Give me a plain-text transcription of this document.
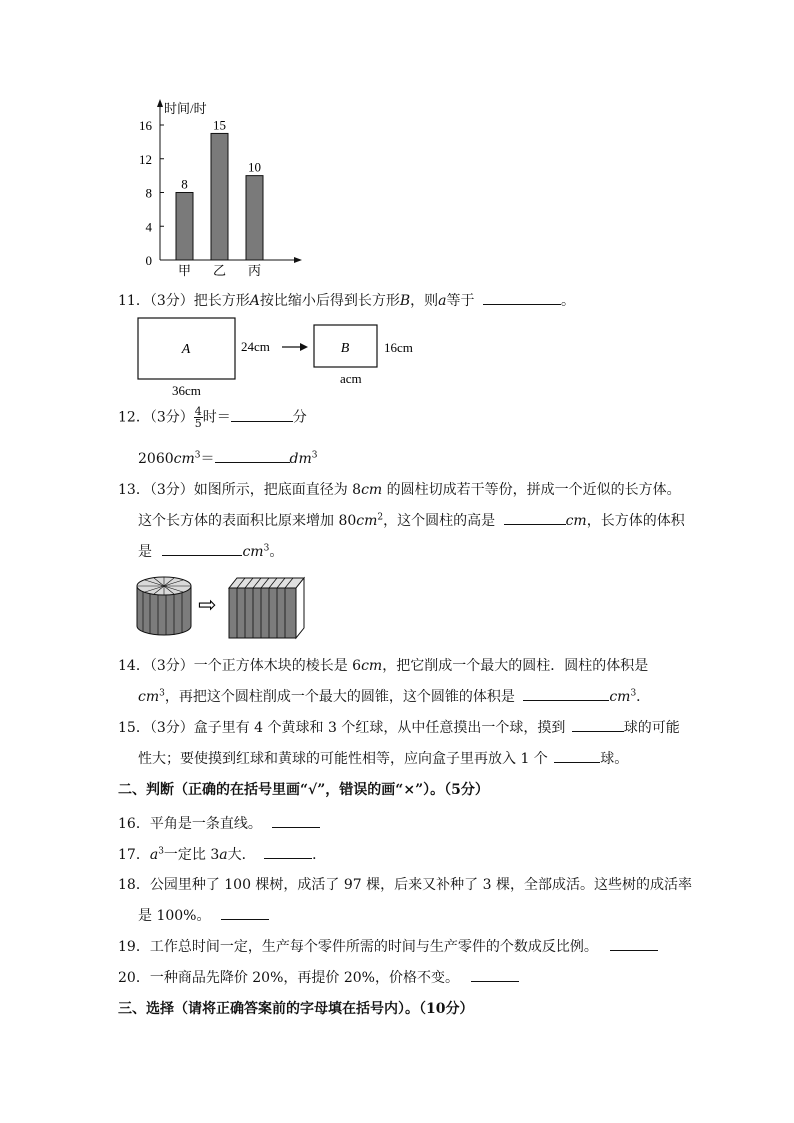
时间/时
0
4
8
12
16
8
甲
15
乙
10
丙
11．（3分）把长方形A按比缩小后得到长方形B，则a等于	。
A	24cm	B	16cm
acm
36cm
12．（3分） $\frac{4}{5}$ 时＝	分
$2060cm^3=$	$dm^3$
13．（3分）如图所示，把底面直径为 8cm 的圆柱切成若干等份，拼成一个近似的长方体。
这个长方体的表面积比原来增加 $80cm^2$，这个圆柱的高是	cm，长方体的体积
是	$cm^3$。
⇨
14．（3分）一个正方体木块的棱长是 6cm，把它削成一个最大的圆柱．圆柱的体积是
$cm^3$，再把这个圆柱削成一个最大的圆锥，这个圆锥的体积是	$cm^3$．
15．（3分）盒子里有 4 个黄球和 3 个红球，从中任意摸出一个球，摸到	球的可能
性大；要使摸到红球和黄球的可能性相等，应向盒子里再放入 1 个	球。
二、判断（正确的在括号里画“√”，错误的画“×”）。（5分）
16．平角是一条直线。
17．$a^3$一定比 3a大．	．
18．公园里种了 100 棵树，成活了 97 棵，后来又补种了 3 棵，全部成活。这些树的成活率
是 100%。
19．工作总时间一定，生产每个零件所需的时间与生产零件的个数成反比例。
20．一种商品先降价 20%，再提价 20%，价格不变。
三、选择（请将正确答案前的字母填在括号内）。（10分）
